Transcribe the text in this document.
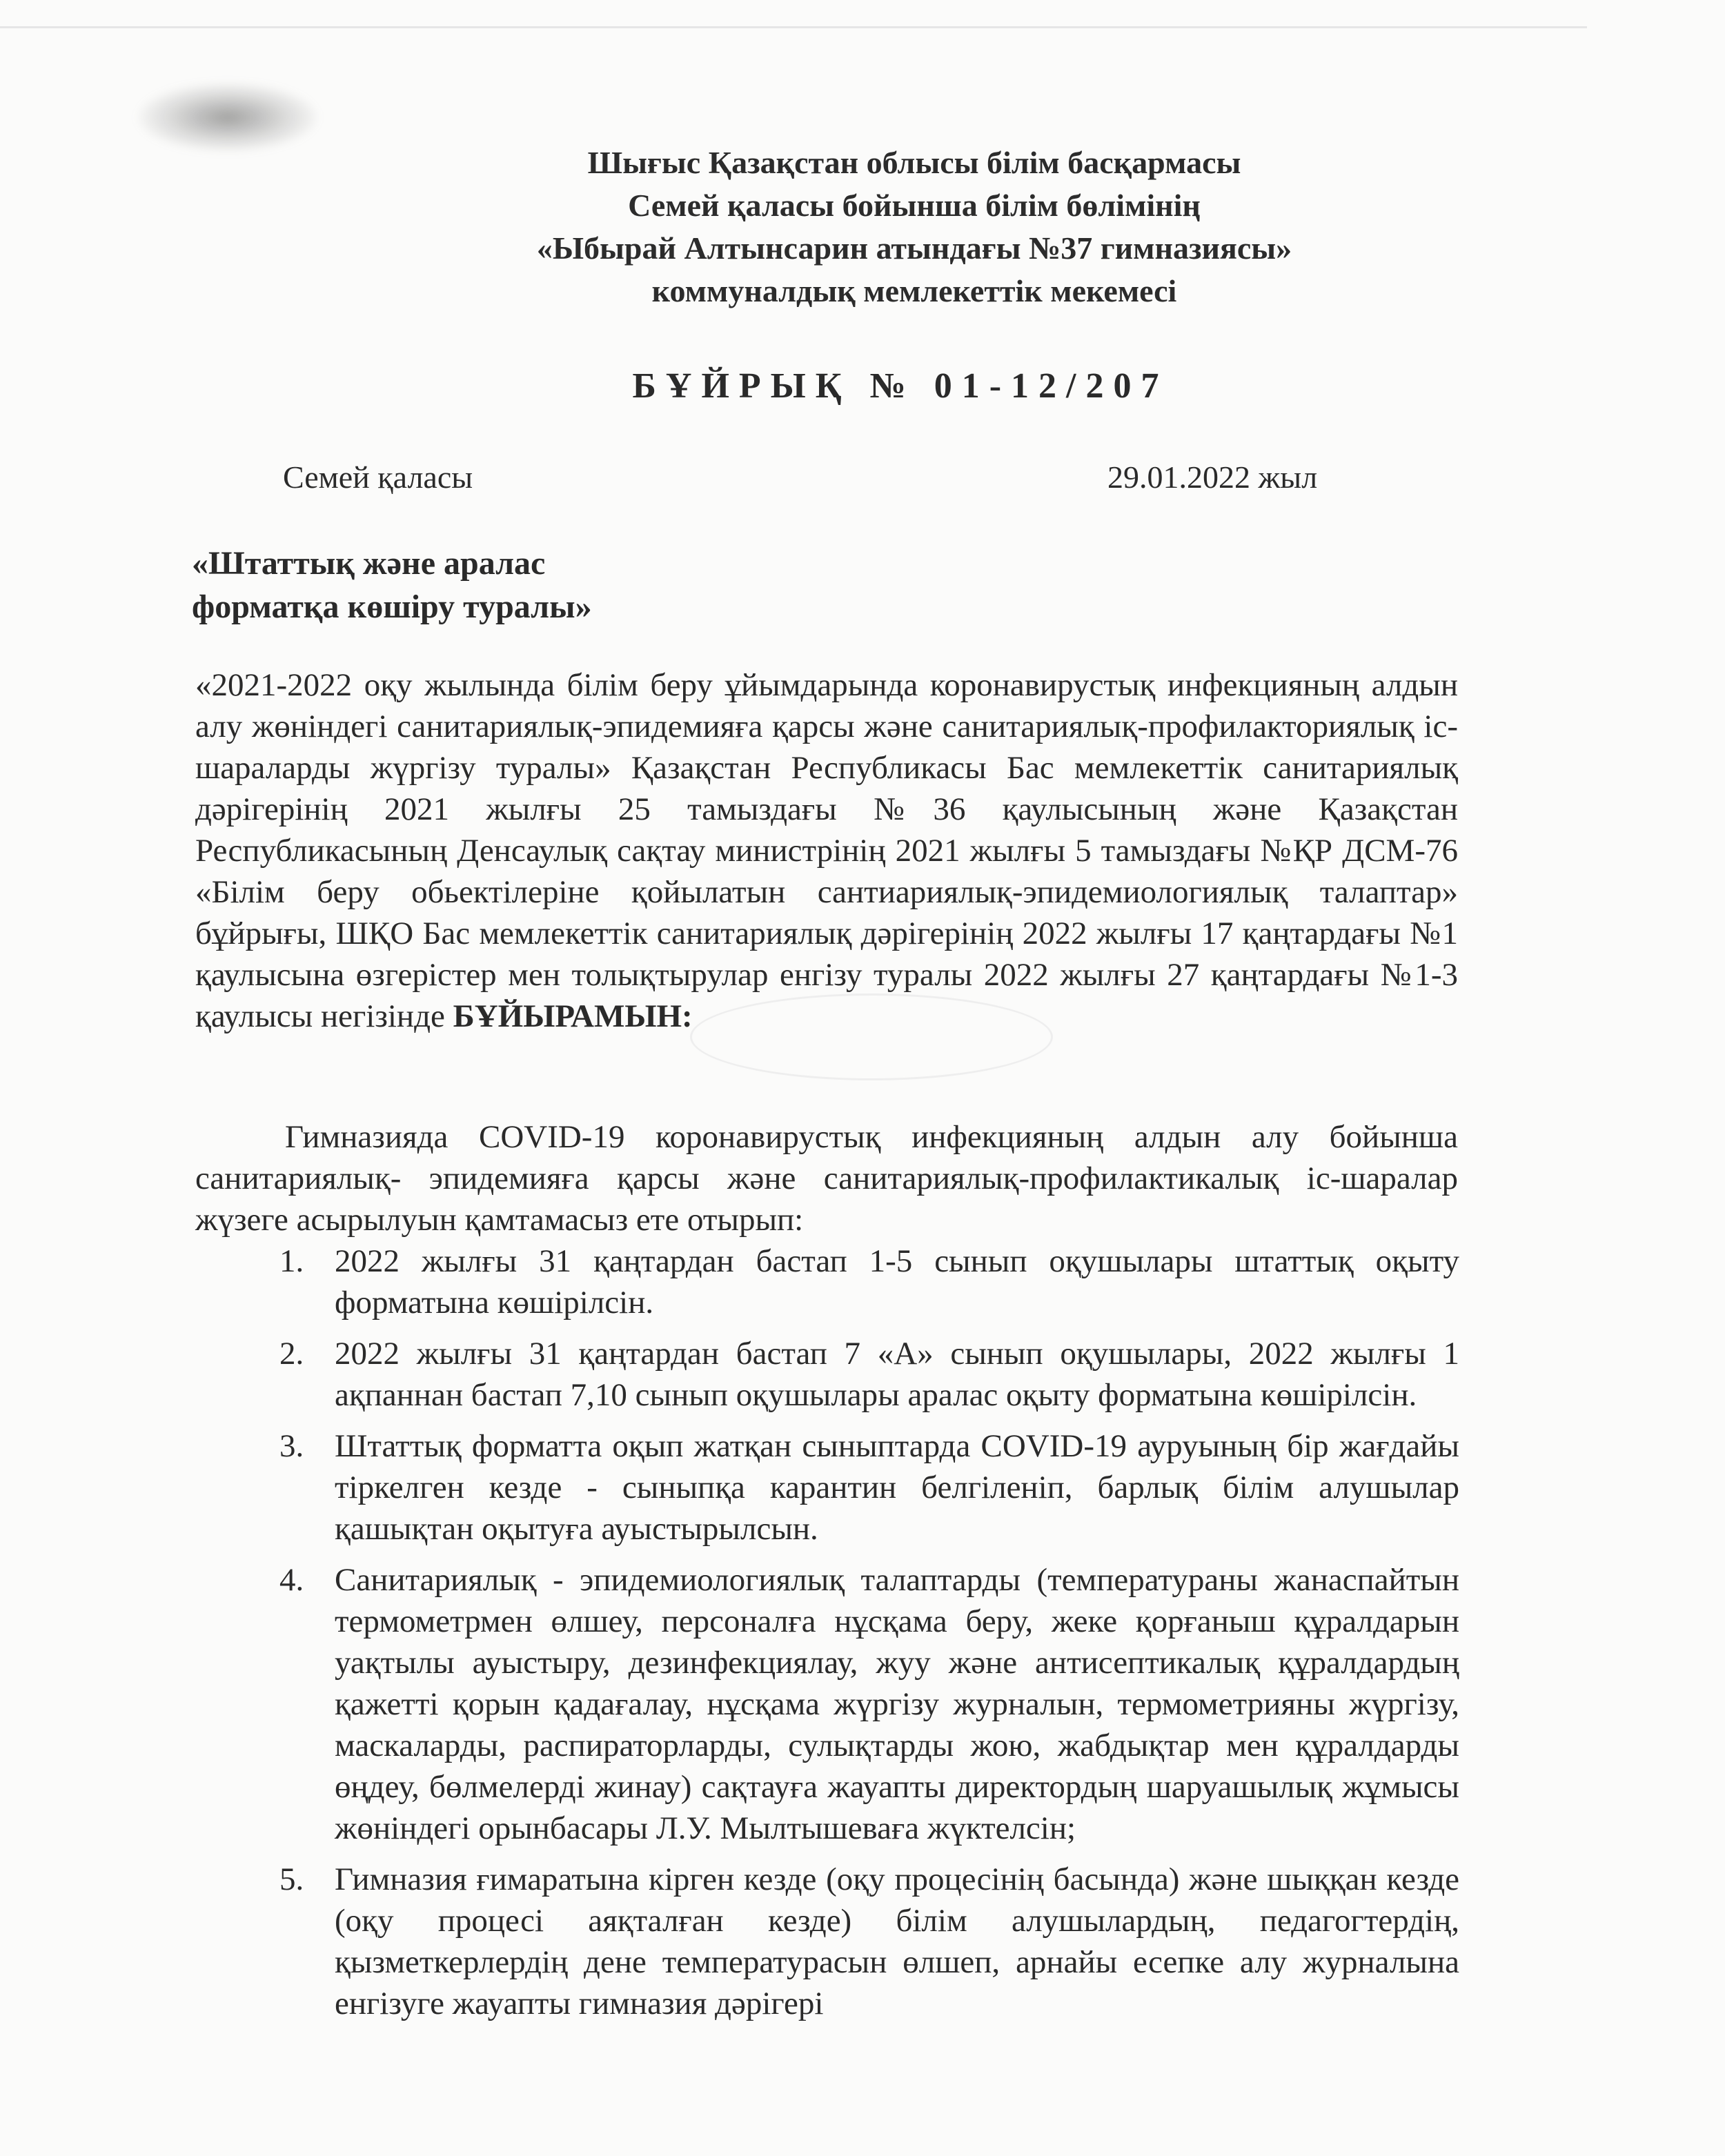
Шығыс Қазақстан облысы білім басқармасы
Семей қаласы бойынша білім бөлімінің
«Ыбырай Алтынсарин атындағы №37 гимназиясы»
коммуналдық мемлекеттік мекемесі
БҰЙРЫҚ № 01-12/207
Семей қаласы	29.01.2022 жыл
«Штаттық және аралас
форматқа көшіру туралы»
«2021-2022 оқу жылында білім беру ұйымдарында коронавирустық инфекцияның алдын алу жөніндегі санитариялық-эпидемияға қарсы және санитариялық-профилакториялық іс-шараларды жүргізу туралы» Қазақстан Республикасы Бас мемлекеттік санитариялық дәрігерінің 2021 жылғы 25 тамыздағы №36 қаулысының және Қазақстан Республикасының Денсаулық сақтау министрінің 2021 жылғы 5 тамыздағы №ҚР ДСМ-76 «Білім беру обьектілеріне қойылатын сантиариялық-эпидемиологиялық талаптар» бұйрығы, ШҚО Бас мемлекеттік санитариялық дәрігерінің 2022 жылғы 17 қаңтардағы №1 қаулысына өзгерістер мен толықтырулар енгізу туралы 2022 жылғы 27 қаңтардағы №1-3 қаулысы негізінде БҰЙЫРАМЫН:
Гимназияда COVID-19 коронавирустық инфекцияның алдын алу бойынша санитариялық- эпидемияға қарсы және санитариялық-профилактикалық іс-шаралар жүзеге асырылуын қамтамасыз ете отырып:
1. 2022 жылғы 31 қаңтардан бастап 1-5 сынып оқушылары штаттық оқыту форматына көшірілсін.
2. 2022 жылғы 31 қаңтардан бастап 7 «А» сынып оқушылары, 2022 жылғы 1 ақпаннан бастап 7,10 сынып оқушылары аралас оқыту форматына көшірілсін.
3. Штаттық форматта оқып жатқан сыныптарда COVID-19 ауруының бір жағдайы тіркелген кезде - сыныпқа карантин белгіленіп, барлық білім алушылар қашықтан оқытуға ауыстырылсын.
4. Санитариялық - эпидемиологиялық талаптарды (температураны жанаспайтын термометрмен өлшеу, персоналға нұсқама беру, жеке қорғаныш құралдарын уақтылы ауыстыру, дезинфекциялау, жуу және антисептикалық құралдардың қажетті қорын қадағалау, нұсқама жүргізу журналын, термометрияны жүргізу, маскаларды, распираторларды, сулықтарды жою, жабдықтар мен құралдарды өңдеу, бөлмелерді жинау) сақтауға жауапты директордың шаруашылық жұмысы жөніндегі орынбасары Л.У. Мылтышеваға жүктелсін;
5. Гимназия ғимаратына кірген кезде (оқу процесінің басында) және шыққан кезде (оқу процесі аяқталған кезде) білім алушылардың, педагогтердің, қызметкерлердің дене температурасын өлшеп, арнайы есепке алу журналына енгізуге жауапты гимназия дәрігері
